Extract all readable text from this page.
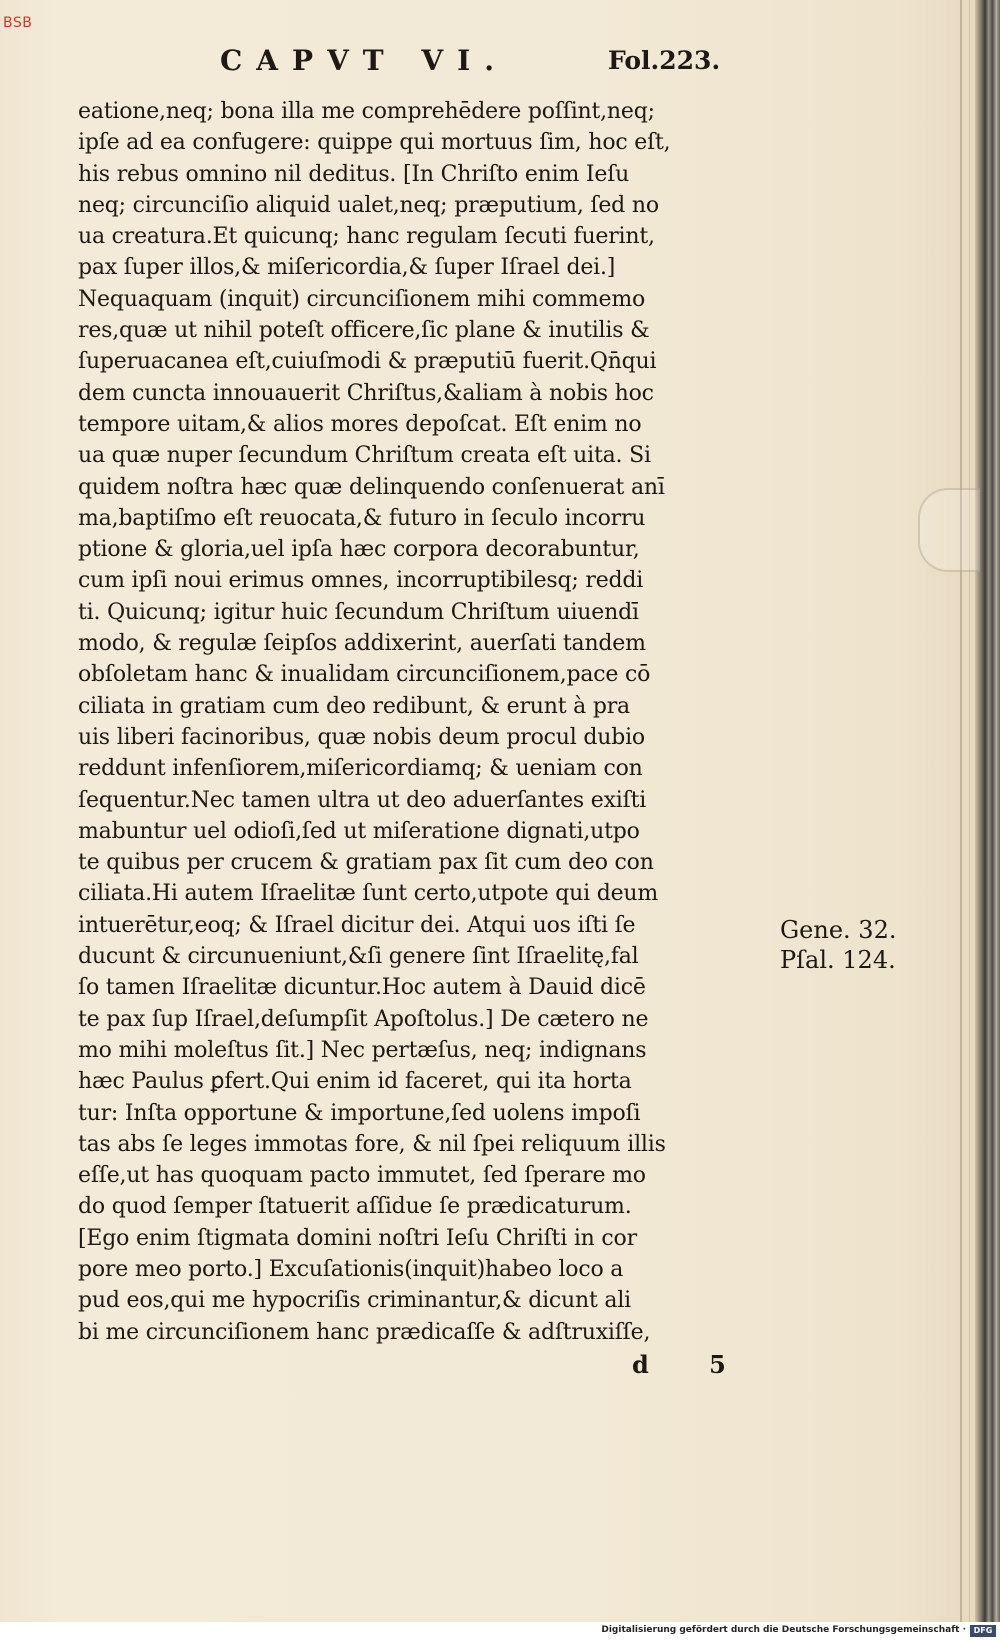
BSB
CAPVT VI.	Fol.223.
eatione,neq; bona illa me comprehēdere poſſint,neq;
ipſe ad ea confugere: quippe qui mortuus ſim, hoc eſt,
his rebus omnino nil deditus. [In Chriſto enim Ieſu
neq; circunciſio aliquid ualet,neq; præputium, ſed no
ua creatura.Et quicunq; hanc regulam ſecuti fuerint,
pax ſuper illos,& miſericordia,& ſuper Iſrael dei.]
Nequaquam (inquit) circunciſionem mihi commemo
res,quæ ut nihil poteſt officere,ſic plane & inutilis &
ſuperuacanea eſt,cuiuſmodi & præputiū fuerit.Qn̄qui
dem cuncta innouauerit Chriſtus,&aliam à nobis hoc
tempore uitam,& alios mores depoſcat. Eſt enim no
ua quæ nuper ſecundum Chriſtum creata eſt uita. Si
quidem noſtra hæc quæ delinquendo conſenuerat anī
ma,baptiſmo eſt reuocata,& futuro in ſeculo incorru
ptione & gloria,uel ipſa hæc corpora decorabuntur,
cum ipſi noui erimus omnes, incorruptibilesq; reddi
ti. Quicunq; igitur huic ſecundum Chriſtum uiuendī
modo, & regulæ ſeipſos addixerint, auerſati tandem
obſoletam hanc & inualidam circunciſionem,pace cō
ciliata in gratiam cum deo redibunt, & erunt à pra
uis liberi facinoribus, quæ nobis deum procul dubio
reddunt infenſiorem,miſericordiamq; & ueniam con
ſequentur.Nec tamen ultra ut deo aduerſantes exiſti
mabuntur uel odioſi,ſed ut miſeratione dignati,utpo
te quibus per crucem & gratiam pax ſit cum deo con
ciliata.Hi autem Iſraelitæ ſunt certo,utpote qui deum
intuerētur,eoq; & Iſrael dicitur dei. Atqui uos iſti ſe
ducunt & circunueniunt,&ſi genere ſint Iſraelitę,fal
ſo tamen Iſraelitæ dicuntur.Hoc autem à Dauid dicē
te pax ſup Iſrael,deſumpſit Apoſtolus.] De cætero ne
mo mihi moleſtus ſit.] Nec pertæſus, neq; indignans
hæc Paulus ꝑfert.Qui enim id faceret, qui ita horta
tur: Inſta opportune & importune,ſed uolens impoſi
tas abs ſe leges immotas fore, & nil ſpei reliquum illis
eſſe,ut has quoquam pacto immutet, ſed ſperare mo
do quod ſemper ſtatuerit aſſidue ſe prædicaturum.
[Ego enim ſtigmata domini noſtri Ieſu Chriſti in cor
pore meo porto.] Excuſationis(inquit)habeo loco a
pud eos,qui me hypocriſis criminantur,& dicunt ali
bi me circunciſionem hanc prædicaſſe & adſtruxiſſe,
Gene. 32.
Pſal. 124.
d 5
Digitalisierung gefördert durch die Deutsche Forschungsgemeinschaft · DFG
